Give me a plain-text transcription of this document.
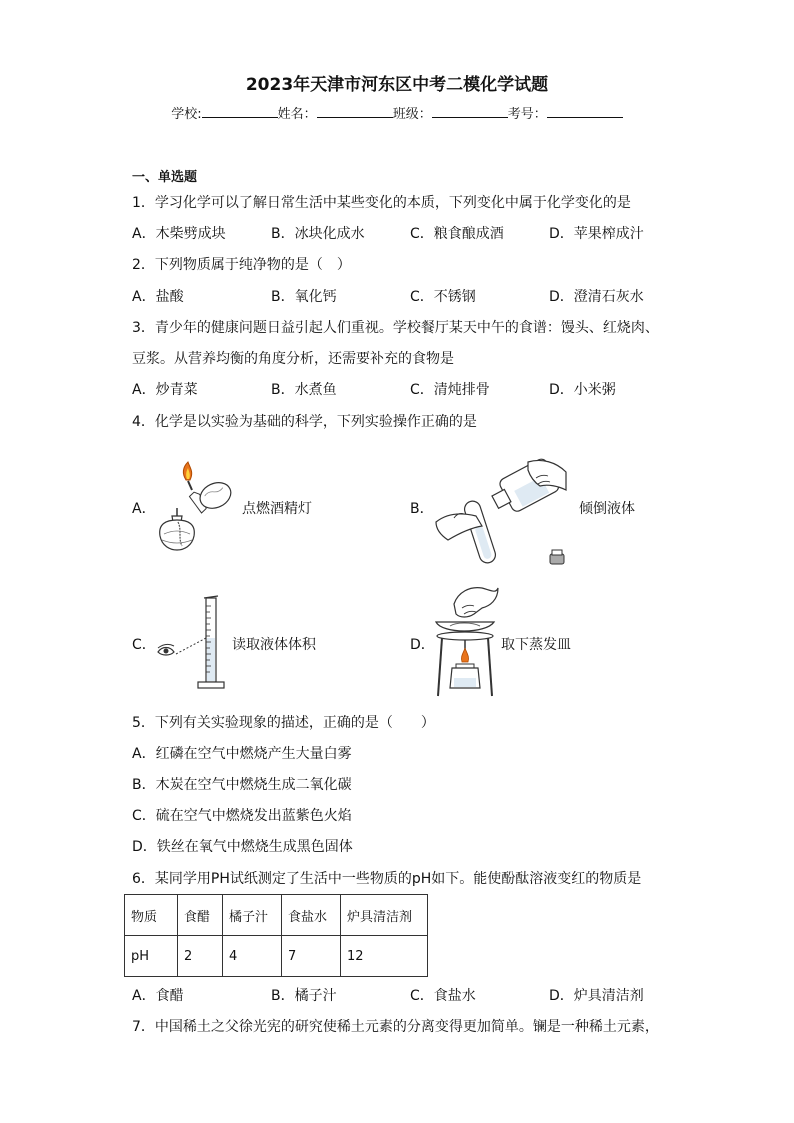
2023年天津市河东区中考二模化学试题
学校:	姓名：	班级：	考号：
一、单选题
1．学习化学可以了解日常生活中某些变化的本质，下列变化中属于化学变化的是
A．木柴劈成块	B．冰块化成水	C．粮食酿成酒	D．苹果榨成汁
2．下列物质属于纯净物的是（　）
A．盐酸	B．氧化钙	C．不锈钢	D．澄清石灰水
3．青少年的健康问题日益引起人们重视。学校餐厅某天中午的食谱：馒头、红烧肉、
豆浆。从营养均衡的角度分析，还需要补充的食物是
A．炒青菜	B．水煮鱼	C．清炖排骨	D．小米粥
4．化学是以实验为基础的科学，下列实验操作正确的是
A．	点燃酒精灯	B．	倾倒液体
C．	读取液体体积	D．	取下蒸发皿
5．下列有关实验现象的描述，正确的是（　　）
A．红磷在空气中燃烧产生大量白雾
B．木炭在空气中燃烧生成二氧化碳
C．硫在空气中燃烧发出蓝紫色火焰
D．铁丝在氧气中燃烧生成黑色固体
6．某同学用PH试纸测定了生活中一些物质的pH如下。能使酚酞溶液变红的物质是
物质	食醋	橘子汁	食盐水	炉具清洁剂
pH	2	4	7	12
A．食醋	B．橘子汁	C．食盐水	D．炉具清洁剂
7．中国稀土之父徐光宪的研究使稀土元素的分离变得更加简单。镧是一种稀土元素，
